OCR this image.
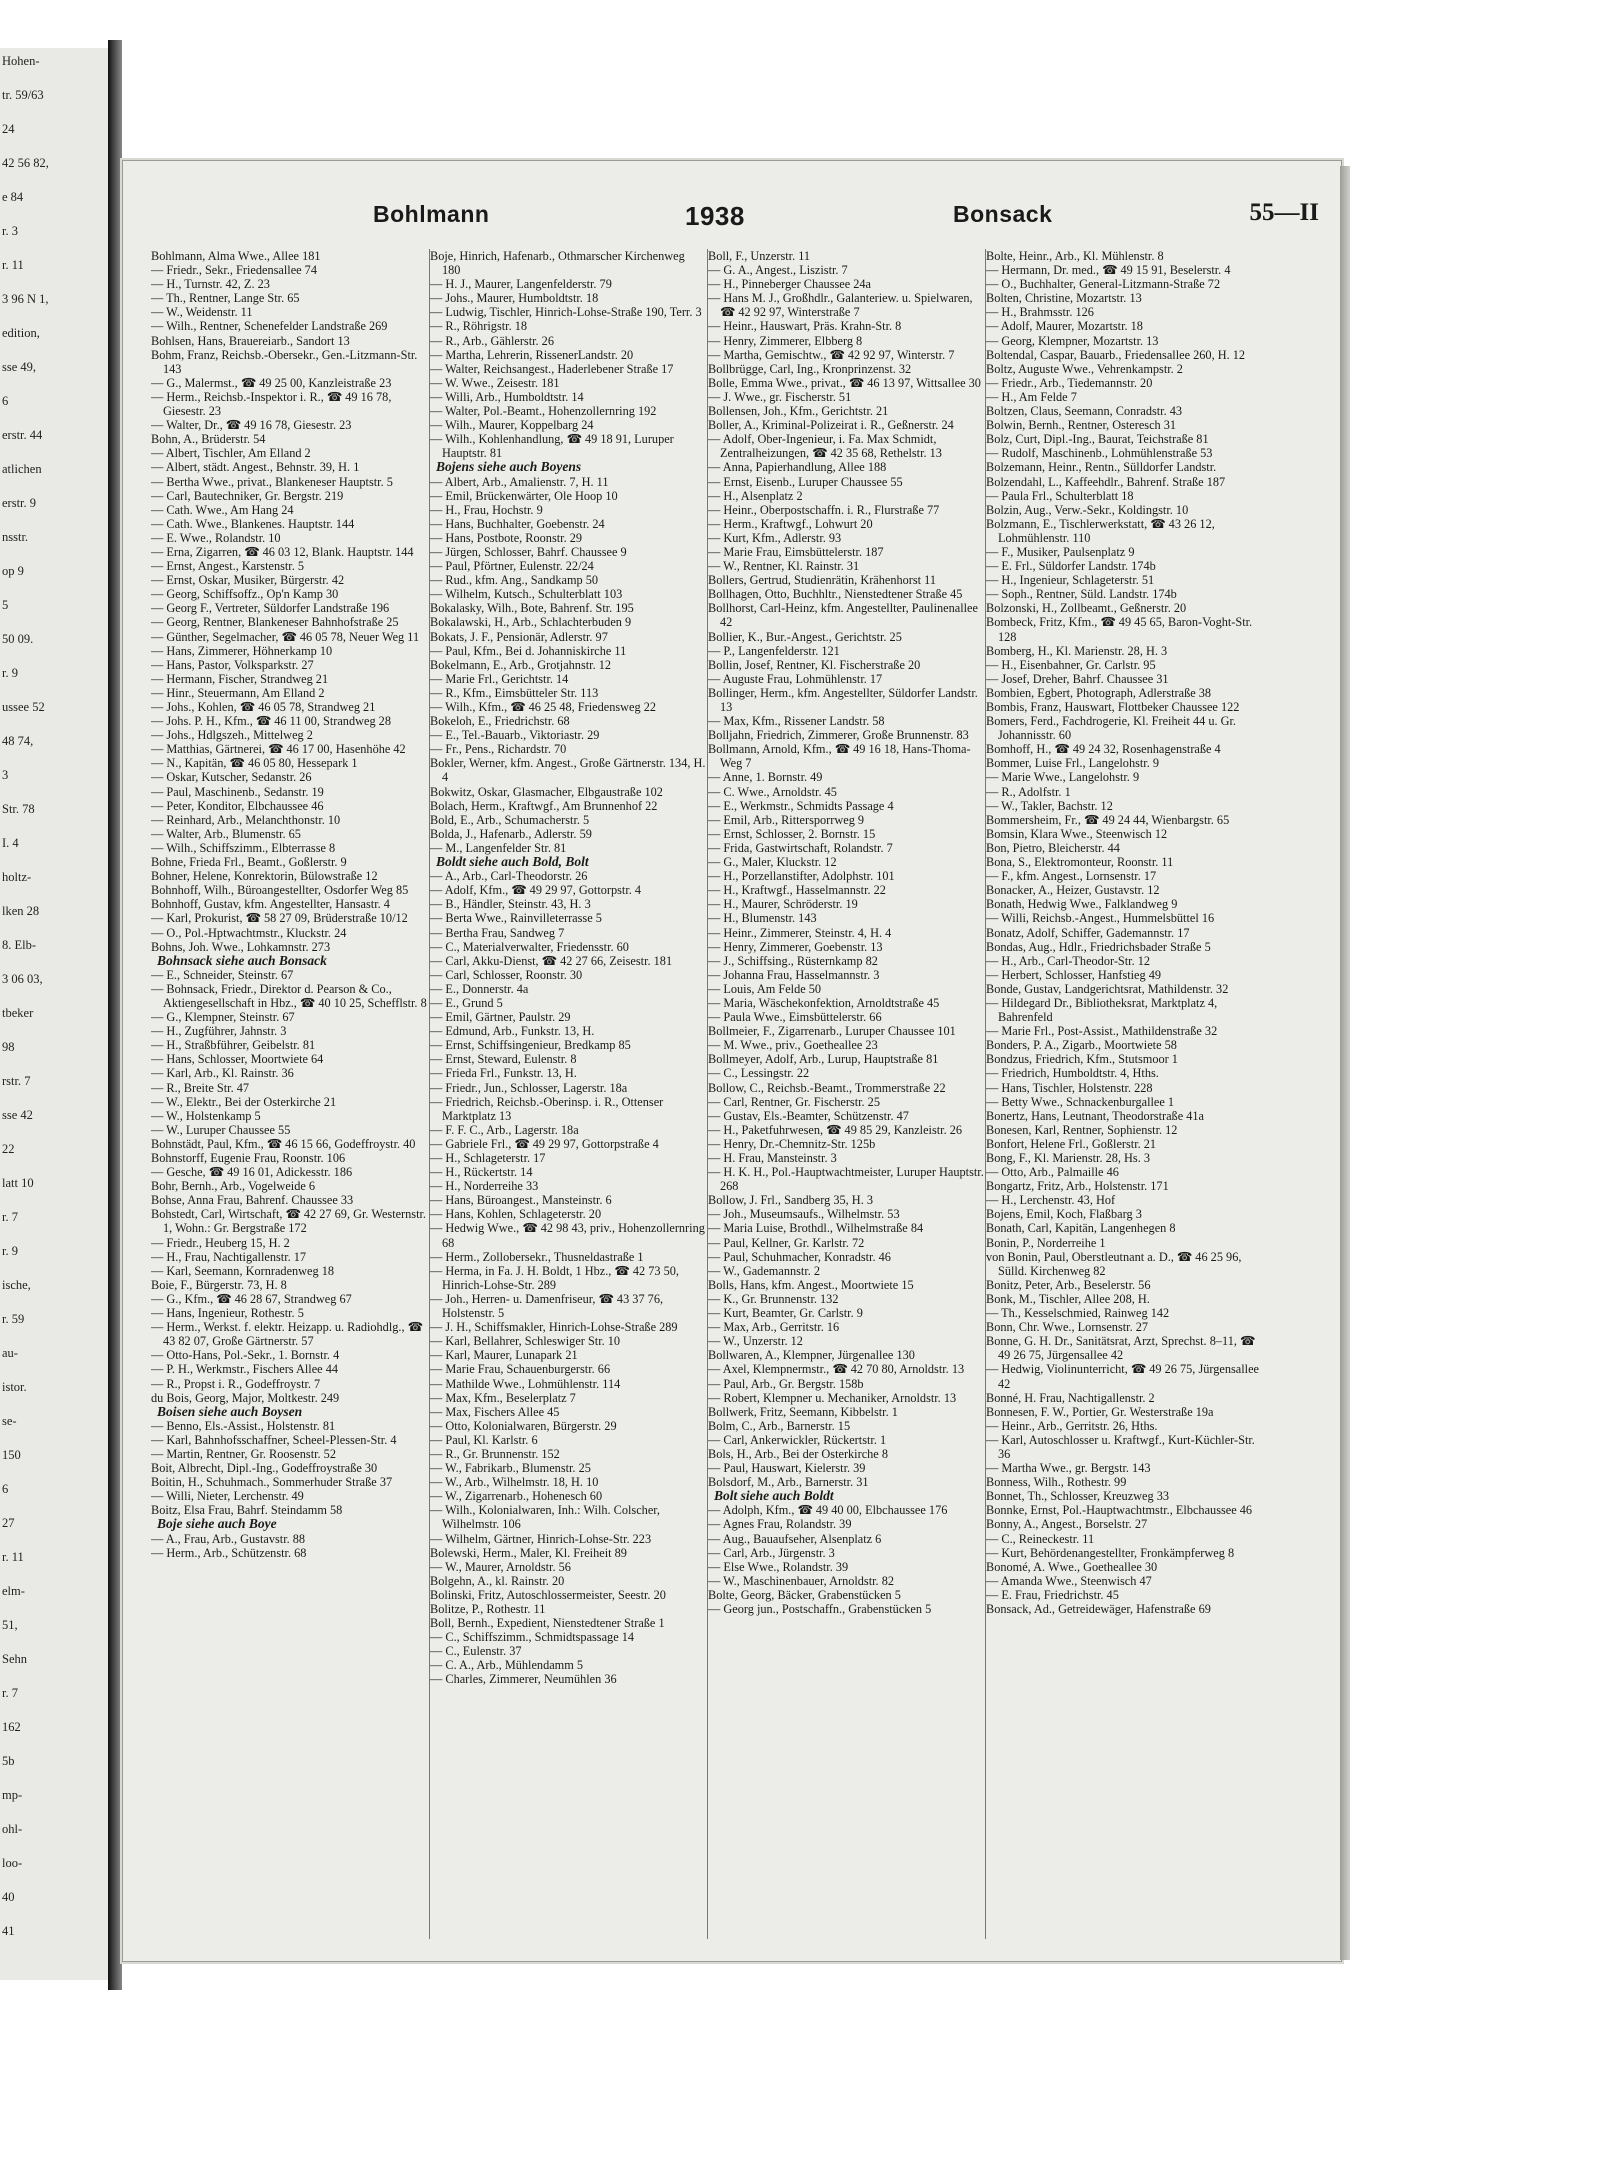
Hohen-
tr. 59/63
24
42 56 82,
e 84
r. 3
r. 11
3 96 N 1,
edition,
sse 49,
6
erstr. 44
atlichen
erstr. 9
nsstr.
op 9
5
50 09.
r. 9
ussee 52
48 74,
3
Str. 78
I. 4
holtz-
lken 28
8. Elb-
3 06 03,
tbeker
98
rstr. 7
sse 42
22
latt 10
r. 7
r. 9
ische,
r. 59
au-
istor.
se-
150
6
27
r. 11
elm-
51,
Sehn
r. 7
162
5b
mp-
ohl-
loo-
40
41
Bohlmann	1938	Bonsack	55—II

Bohlmann, Alma Wwe., Allee 181

— Friedr., Sekr., Friedensallee 74

— H., Turnstr. 42, Z. 23

— Th., Rentner, Lange Str. 65

— W., Weidenstr. 11

— Wilh., Rentner, Schenefelder Landstraße 269

Bohlsen, Hans, Brauereiarb., Sandort 13

Bohm, Franz, Reichsb.-Obersekr., Gen.-Litzmann-Str. 143

— G., Malermst., ☎ 49 25 00, Kanzleistraße 23

— Herm., Reichsb.-Inspektor i. R., ☎ 49 16 78, Giesestr. 23

— Walter, Dr., ☎ 49 16 78, Giesestr. 23

Bohn, A., Brüderstr. 54

— Albert, Tischler, Am Elland 2

— Albert, städt. Angest., Behnstr. 39, H. 1

— Bertha Wwe., privat., Blankeneser Hauptstr. 5

— Carl, Bautechniker, Gr. Bergstr. 219

— Cath. Wwe., Am Hang 24

— Cath. Wwe., Blankenes. Hauptstr. 144

— E. Wwe., Rolandstr. 10

— Erna, Zigarren, ☎ 46 03 12, Blank. Hauptstr. 144

— Ernst, Angest., Karstenstr. 5

— Ernst, Oskar, Musiker, Bürgerstr. 42

— Georg, Schiffsoffz., Op'n Kamp 30

— Georg F., Vertreter, Süldorfer Landstraße 196

— Georg, Rentner, Blankeneser Bahnhofstraße 25

— Günther, Segelmacher, ☎ 46 05 78, Neuer Weg 11

— Hans, Zimmerer, Höhnerkamp 10

— Hans, Pastor, Volksparkstr. 27

— Hermann, Fischer, Strandweg 21

— Hinr., Steuermann, Am Elland 2

— Johs., Kohlen, ☎ 46 05 78, Strandweg 21

— Johs. P. H., Kfm., ☎ 46 11 00, Strandweg 28

— Johs., Hdlgszeh., Mittelweg 2

— Matthias, Gärtnerei, ☎ 46 17 00, Hasenhöhe 42

— N., Kapitän, ☎ 46 05 80, Hessepark 1

— Oskar, Kutscher, Sedanstr. 26

— Paul, Maschinenb., Sedanstr. 19

— Peter, Konditor, Elbchaussee 46

— Reinhard, Arb., Melanchthonstr. 10

— Walter, Arb., Blumenstr. 65

— Wilh., Schiffszimm., Elbterrasse 8

Bohne, Frieda Frl., Beamt., Goßlerstr. 9

Bohner, Helene, Konrektorin, Bülowstraße 12

Bohnhoff, Wilh., Büroangestellter, Osdorfer Weg 85

Bohnhoff, Gustav, kfm. Angestellter, Hansastr. 4

— Karl, Prokurist, ☎ 58 27 09, Brüderstraße 10/12

— O., Pol.-Hptwachtmstr., Kluckstr. 24

Bohns, Joh. Wwe., Lohkamnstr. 273

Bohnsack siehe auch Bonsack

— E., Schneider, Steinstr. 67

— Bohnsack, Friedr., Direktor d. Pearson & Co., Aktiengesellschaft in Hbz., ☎ 40 10 25, Schefflstr. 8

— G., Klempner, Steinstr. 67

— H., Zugführer, Jahnstr. 3

— H., Straßbführer, Geibelstr. 81

— Hans, Schlosser, Moortwiete 64

— Karl, Arb., Kl. Rainstr. 36

— R., Breite Str. 47

— W., Elektr., Bei der Osterkirche 21

— W., Holstenkamp 5

— W., Luruper Chaussee 55

Bohnstädt, Paul, Kfm., ☎ 46 15 66, Godeffroystr. 40

Bohnstorff, Eugenie Frau, Roonstr. 106

— Gesche, ☎ 49 16 01, Adickesstr. 186

Bohr, Bernh., Arb., Vogelweide 6

Bohse, Anna Frau, Bahrenf. Chaussee 33

Bohstedt, Carl, Wirtschaft, ☎ 42 27 69, Gr. Westernstr. 1, Wohn.: Gr. Bergstraße 172

— Friedr., Heuberg 15, H. 2

— H., Frau, Nachtigallenstr. 17

— Karl, Seemann, Kornradenweg 18

Boie, F., Bürgerstr. 73, H. 8

— G., Kfm., ☎ 46 28 67, Strandweg 67

— Hans, Ingenieur, Rothestr. 5

— Herm., Werkst. f. elektr. Heizapp. u. Radiohdlg., ☎ 43 82 07, Große Gärtnerstr. 57

— Otto-Hans, Pol.-Sekr., 1. Bornstr. 4

— P. H., Werkmstr., Fischers Allee 44

— R., Propst i. R., Godeffroystr. 7

du Bois, Georg, Major, Moltkestr. 249

Boisen siehe auch Boysen

— Benno, Els.-Assist., Holstenstr. 81

— Karl, Bahnhofsschaffner, Scheel-Plessen-Str. 4

— Martin, Rentner, Gr. Roosenstr. 52

Boit, Albrecht, Dipl.-Ing., Godeffroystraße 30

Boitin, H., Schuhmach., Sommerhuder Straße 37

— Willi, Nieter, Lerchenstr. 49

Boitz, Elsa Frau, Bahrf. Steindamm 58

Boje siehe auch Boye

— A., Frau, Arb., Gustavstr. 88

— Herm., Arb., Schützenstr. 68

Boje, Hinrich, Hafenarb., Othmarscher Kirchenweg 180

— H. J., Maurer, Langenfelderstr. 79

— Johs., Maurer, Humboldtstr. 18

— Ludwig, Tischler, Hinrich-Lohse-Straße 190, Terr. 3

— R., Röhrigstr. 18

— R., Arb., Gählerstr. 26

— Martha, Lehrerin, RissenerLandstr. 20

— Walter, Reichsangest., Haderlebener Straße 17

— W. Wwe., Zeisestr. 181

— Willi, Arb., Humboldtstr. 14

— Walter, Pol.-Beamt., Hohenzollernring 192

— Wilh., Maurer, Koppelbarg 24

— Wilh., Kohlenhandlung, ☎ 49 18 91, Luruper Hauptstr. 81

Bojens siehe auch Boyens

— Albert, Arb., Amalienstr. 7, H. 11

— Emil, Brückenwärter, Ole Hoop 10

— H., Frau, Hochstr. 9

— Hans, Buchhalter, Goebenstr. 24

— Hans, Postbote, Roonstr. 29

— Jürgen, Schlosser, Bahrf. Chaussee 9

— Paul, Pförtner, Eulenstr. 22/24

— Rud., kfm. Ang., Sandkamp 50

— Wilhelm, Kutsch., Schulterblatt 103

Bokalasky, Wilh., Bote, Bahrenf. Str. 195

Bokalawski, H., Arb., Schlachterbuden 9

Bokats, J. F., Pensionär, Adlerstr. 97

— Paul, Kfm., Bei d. Johanniskirche 11

Bokelmann, E., Arb., Grotjahnstr. 12

— Marie Frl., Gerichtstr. 14

— R., Kfm., Eimsbütteler Str. 113

— Wilh., Kfm., ☎ 46 25 48, Friedensweg 22

Bokeloh, E., Friedrichstr. 68

— E., Tel.-Bauarb., Viktoriastr. 29

— Fr., Pens., Richardstr. 70

Bokler, Werner, kfm. Angest., Große Gärtnerstr. 134, H. 4

Bokwitz, Oskar, Glasmacher, Elbgaustraße 102

Bolach, Herm., Kraftwgf., Am Brunnenhof 22

Bold, E., Arb., Schumacherstr. 5

Bolda, J., Hafenarb., Adlerstr. 59

— M., Langenfelder Str. 81

Boldt siehe auch Bold, Bolt

— A., Arb., Carl-Theodorstr. 26

— Adolf, Kfm., ☎ 49 29 97, Gottorpstr. 4

— B., Händler, Steinstr. 43, H. 3

— Berta Wwe., Rainvilleterrasse 5

— Bertha Frau, Sandweg 7

— C., Materialverwalter, Friedensstr. 60

— Carl, Akku-Dienst, ☎ 42 27 66, Zeisestr. 181

— Carl, Schlosser, Roonstr. 30

— E., Donnerstr. 4a

— E., Grund 5

— Emil, Gärtner, Paulstr. 29

— Edmund, Arb., Funkstr. 13, H.

— Ernst, Schiffsingenieur, Bredkamp 85

— Ernst, Steward, Eulenstr. 8

— Frieda Frl., Funkstr. 13, H.

— Friedr., Jun., Schlosser, Lagerstr. 18a

— Friedrich, Reichsb.-Oberinsp. i. R., Ottenser Marktplatz 13

— F. F. C., Arb., Lagerstr. 18a

— Gabriele Frl., ☎ 49 29 97, Gottorpstraße 4

— H., Schlageterstr. 17

— H., Rückertstr. 14

— H., Norderreihe 33

— Hans, Büroangest., Mansteinstr. 6

— Hans, Kohlen, Schlageterstr. 20

— Hedwig Wwe., ☎ 42 98 43, priv., Hohenzollernring 68

— Herm., Zollobersekr., Thusneldastraße 1

— Herma, in Fa. J. H. Boldt, 1 Hbz., ☎ 42 73 50, Hinrich-Lohse-Str. 289

— Joh., Herren- u. Damenfriseur, ☎ 43 37 76, Holstenstr. 5

— J. H., Schiffsmakler, Hinrich-Lohse-Straße 289

— Karl, Bellahrer, Schleswiger Str. 10

— Karl, Maurer, Lunapark 21

— Marie Frau, Schauenburgerstr. 66

— Mathilde Wwe., Lohmühlenstr. 114

— Max, Kfm., Beselerplatz 7

— Max, Fischers Allee 45

— Otto, Kolonialwaren, Bürgerstr. 29

— Paul, Kl. Karlstr. 6

— R., Gr. Brunnenstr. 152

— W., Fabrikarb., Blumenstr. 25

— W., Arb., Wilhelmstr. 18, H. 10

— W., Zigarrenarb., Hohenesch 60

— Wilh., Kolonialwaren, Inh.: Wilh. Colscher, Wilhelmstr. 106

— Wilhelm, Gärtner, Hinrich-Lohse-Str. 223

Bolewski, Herm., Maler, Kl. Freiheit 89

— W., Maurer, Arnoldstr. 56

Bolgehn, A., kl. Rainstr. 20

Bolinski, Fritz, Autoschlossermeister, Seestr. 20

Bolitze, P., Rothestr. 11

Boll, Bernh., Expedient, Nienstedtener Straße 1

— C., Schiffszimm., Schmidtspassage 14

— C., Eulenstr. 37

— C. A., Arb., Mühlendamm 5

— Charles, Zimmerer, Neumühlen 36

Boll, F., Unzerstr. 11

— G. A., Angest., Liszistr. 7

— H., Pinneberger Chaussee 24a

— Hans M. J., Großhdlr., Galanteriew. u. Spielwaren, ☎ 42 92 97, Winterstraße 7

— Heinr., Hauswart, Präs. Krahn-Str. 8

— Henry, Zimmerer, Elbberg 8

— Martha, Gemischtw., ☎ 42 92 97, Winterstr. 7

Bollbrügge, Carl, Ing., Kronprinzenst. 32

Bolle, Emma Wwe., privat., ☎ 46 13 97, Wittsallee 30

— J. Wwe., gr. Fischerstr. 51

Bollensen, Joh., Kfm., Gerichtstr. 21

Boller, A., Kriminal-Polizeirat i. R., Geßnerstr. 24

— Adolf, Ober-Ingenieur, i. Fa. Max Schmidt, Zentralheizungen, ☎ 42 35 68, Rethelstr. 13

— Anna, Papierhandlung, Allee 188

— Ernst, Eisenb., Luruper Chaussee 55

— H., Alsenplatz 2

— Heinr., Oberpostschaffn. i. R., Flurstraße 77

— Herm., Kraftwgf., Lohwurt 20

— Kurt, Kfm., Adlerstr. 93

— Marie Frau, Eimsbüttelerstr. 187

— W., Rentner, Kl. Rainstr. 31

Bollers, Gertrud, Studienrätin, Krähenhorst 11

Bollhagen, Otto, Buchhltr., Nienstedtener Straße 45

Bollhorst, Carl-Heinz, kfm. Angestellter, Paulinenallee 42

Bollier, K., Bur.-Angest., Gerichtstr. 25

— P., Langenfelderstr. 121

Bollin, Josef, Rentner, Kl. Fischerstraße 20

— Auguste Frau, Lohmühlenstr. 17

Bollinger, Herm., kfm. Angestellter, Süldorfer Landstr. 13

— Max, Kfm., Rissener Landstr. 58

Bolljahn, Friedrich, Zimmerer, Große Brunnenstr. 83

Bollmann, Arnold, Kfm., ☎ 49 16 18, Hans-Thoma-Weg 7

— Anne, 1. Bornstr. 49

— C. Wwe., Arnoldstr. 45

— E., Werkmstr., Schmidts Passage 4

— Emil, Arb., Rittersporrweg 9

— Ernst, Schlosser, 2. Bornstr. 15

— Frida, Gastwirtschaft, Rolandstr. 7

— G., Maler, Kluckstr. 12

— H., Porzellanstifter, Adolphstr. 101

— H., Kraftwgf., Hasselmannstr. 22

— H., Maurer, Schröderstr. 19

— H., Blumenstr. 143

— Heinr., Zimmerer, Steinstr. 4, H. 4

— Henry, Zimmerer, Goebenstr. 13

— J., Schiffsing., Rüsternkamp 82

— Johanna Frau, Hasselmannstr. 3

— Louis, Am Felde 50

— Maria, Wäschekonfektion, Arnoldtstraße 45

— Paula Wwe., Eimsbüttelerstr. 66

Bollmeier, F., Zigarrenarb., Luruper Chaussee 101

— M. Wwe., priv., Goetheallee 23

Bollmeyer, Adolf, Arb., Lurup, Hauptstraße 81

— C., Lessingstr. 22

Bollow, C., Reichsb.-Beamt., Trommerstraße 22

— Carl, Rentner, Gr. Fischerstr. 25

— Gustav, Els.-Beamter, Schützenstr. 47

— H., Paketfuhrwesen, ☎ 49 85 29, Kanzleistr. 26

— Henry, Dr.-Chemnitz-Str. 125b

— H. Frau, Mansteinstr. 3

— H. K. H., Pol.-Hauptwachtmeister, Luruper Hauptstr. 268

Bollow, J. Frl., Sandberg 35, H. 3

— Joh., Museumsaufs., Wilhelmstr. 53

— Maria Luise, Brothdl., Wilhelmstraße 84

— Paul, Kellner, Gr. Karlstr. 72

— Paul, Schuhmacher, Konradstr. 46

— W., Gademannstr. 2

Bolls, Hans, kfm. Angest., Moortwiete 15

— K., Gr. Brunnenstr. 132

— Kurt, Beamter, Gr. Carlstr. 9

— Max, Arb., Gerritstr. 16

— W., Unzerstr. 12

Bollwaren, A., Klempner, Jürgenallee 130

— Axel, Klempnermstr., ☎ 42 70 80, Arnoldstr. 13

— Paul, Arb., Gr. Bergstr. 158b

— Robert, Klempner u. Mechaniker, Arnoldstr. 13

Bollwerk, Fritz, Seemann, Kibbelstr. 1

Bolm, C., Arb., Barnerstr. 15

— Carl, Ankerwickler, Rückertstr. 1

Bols, H., Arb., Bei der Osterkirche 8

— Paul, Hauswart, Kielerstr. 39

Bolsdorf, M., Arb., Barnerstr. 31

Bolt siehe auch Boldt

— Adolph, Kfm., ☎ 49 40 00, Elbchaussee 176

— Agnes Frau, Rolandstr. 39

— Aug., Bauaufseher, Alsenplatz 6

— Carl, Arb., Jürgenstr. 3

— Else Wwe., Rolandstr. 39

— W., Maschinenbauer, Arnoldstr. 82

Bolte, Georg, Bäcker, Grabenstücken 5

— Georg jun., Postschaffn., Grabenstücken 5

Bolte, Heinr., Arb., Kl. Mühlenstr. 8

— Hermann, Dr. med., ☎ 49 15 91, Beselerstr. 4

— O., Buchhalter, General-Litzmann-Straße 72

Bolten, Christine, Mozartstr. 13

— H., Brahmsstr. 126

— Adolf, Maurer, Mozartstr. 18

— Georg, Klempner, Mozartstr. 13

Boltendal, Caspar, Bauarb., Friedensallee 260, H. 12

Boltz, Auguste Wwe., Vehrenkampstr. 2

— Friedr., Arb., Tiedemannstr. 20

— H., Am Felde 7

Boltzen, Claus, Seemann, Conradstr. 43

Bolwin, Bernh., Rentner, Osteresch 31

Bolz, Curt, Dipl.-Ing., Baurat, Teichstraße 81

— Rudolf, Maschinenb., Lohmühlenstraße 53

Bolzemann, Heinr., Rentn., Sülldorfer Landstr.

Bolzendahl, L., Kaffeehdlr., Bahrenf. Straße 187

— Paula Frl., Schulterblatt 18

Bolzin, Aug., Verw.-Sekr., Koldingstr. 10

Bolzmann, E., Tischlerwerkstatt, ☎ 43 26 12, Lohmühlenstr. 110

— F., Musiker, Paulsenplatz 9

— E. Frl., Süldorfer Landstr. 174b

— H., Ingenieur, Schlageterstr. 51

— Soph., Rentner, Süld. Landstr. 174b

Bolzonski, H., Zollbeamt., Geßnerstr. 20

Bombeck, Fritz, Kfm., ☎ 49 45 65, Baron-Voght-Str. 128

Bomberg, H., Kl. Marienstr. 28, H. 3

— H., Eisenbahner, Gr. Carlstr. 95

— Josef, Dreher, Bahrf. Chaussee 31

Bombien, Egbert, Photograph, Adlerstraße 38

Bombis, Franz, Hauswart, Flottbeker Chaussee 122

Bomers, Ferd., Fachdrogerie, Kl. Freiheit 44 u. Gr. Johannisstr. 60

Bomhoff, H., ☎ 49 24 32, Rosenhagenstraße 4

Bommer, Luise Frl., Langelohstr. 9

— Marie Wwe., Langelohstr. 9

— R., Adolfstr. 1

— W., Takler, Bachstr. 12

Bommersheim, Fr., ☎ 49 24 44, Wienbargstr. 65

Bomsin, Klara Wwe., Steenwisch 12

Bon, Pietro, Bleicherstr. 44

Bona, S., Elektromonteur, Roonstr. 11

— F., kfm. Angest., Lornsenstr. 17

Bonacker, A., Heizer, Gustavstr. 12

Bonath, Hedwig Wwe., Falklandweg 9

— Willi, Reichsb.-Angest., Hummelsbüttel 16

Bonatz, Adolf, Schiffer, Gademannstr. 17

Bondas, Aug., Hdlr., Friedrichsbader Straße 5

— H., Arb., Carl-Theodor-Str. 12

— Herbert, Schlosser, Hanfstieg 49

Bonde, Gustav, Landgerichtsrat, Mathildenstr. 32

— Hildegard Dr., Bibliotheksrat, Marktplatz 4, Bahrenfeld

— Marie Frl., Post-Assist., Mathildenstraße 32

Bonders, P. A., Zigarb., Moortwiete 58

Bondzus, Friedrich, Kfm., Stutsmoor 1

— Friedrich, Humboldtstr. 4, Hths.

— Hans, Tischler, Holstenstr. 228

— Betty Wwe., Schnackenburgallee 1

Bonertz, Hans, Leutnant, Theodorstraße 41a

Bonesen, Karl, Rentner, Sophienstr. 12

Bonfort, Helene Frl., Goßlerstr. 21

Bong, F., Kl. Marienstr. 28, Hs. 3

— Otto, Arb., Palmaille 46

Bongartz, Fritz, Arb., Holstenstr. 171

— H., Lerchenstr. 43, Hof

Bojens, Emil, Koch, Flaßbarg 3

Bonath, Carl, Kapitän, Langenhegen 8

Bonin, P., Norderreihe 1

von Bonin, Paul, Oberstleutnant a. D., ☎ 46 25 96, Sülld. Kirchenweg 82

Bonitz, Peter, Arb., Beselerstr. 56

Bonk, M., Tischler, Allee 208, H.

— Th., Kesselschmied, Rainweg 142

Bonn, Chr. Wwe., Lornsenstr. 27

Bonne, G. H. Dr., Sanitätsrat, Arzt, Sprechst. 8–11, ☎ 49 26 75, Jürgensallee 42

— Hedwig, Violinunterricht, ☎ 49 26 75, Jürgensallee 42

Bonné, H. Frau, Nachtigallenstr. 2

Bonnesen, F. W., Portier, Gr. Westerstraße 19a

— Heinr., Arb., Gerritstr. 26, Hths.

— Karl, Autoschlosser u. Kraftwgf., Kurt-Küchler-Str. 36

— Martha Wwe., gr. Bergstr. 143

Bonness, Wilh., Rothestr. 99

Bonnet, Th., Schlosser, Kreuzweg 33

Bonnke, Ernst, Pol.-Hauptwachtmstr., Elbchaussee 46

Bonny, A., Angest., Borselstr. 27

— C., Reineckestr. 11

— Kurt, Behördenangestellter, Fronkämpferweg 8

Bonomé, A. Wwe., Goetheallee 30

— Amanda Wwe., Steenwisch 47

— E. Frau, Friedrichstr. 45

Bonsack, Ad., Getreidewäger, Hafenstraße 69
